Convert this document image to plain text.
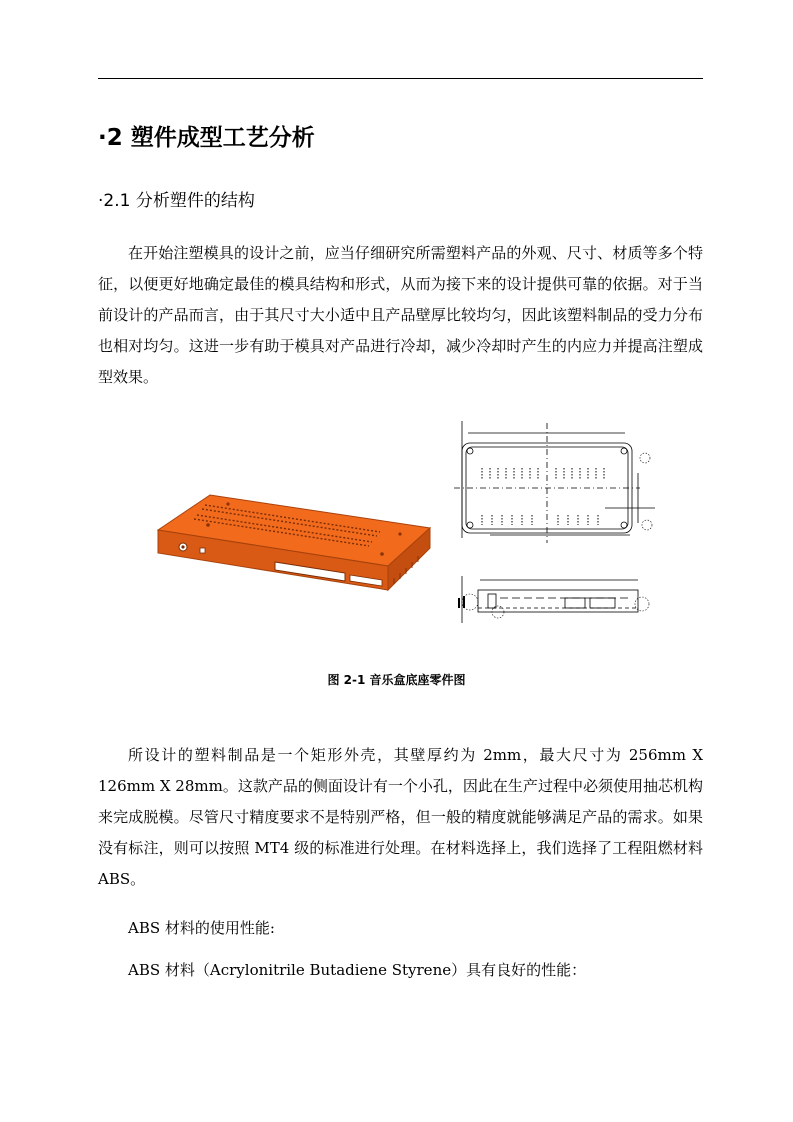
·2 塑件成型工艺分析
·2.1 分析塑件的结构

在开始注塑模具的设计之前，应当仔细研究所需塑料产品的外观、尺寸、材质等多个特征，以便更好地确定最佳的模具结构和形式，从而为接下来的设计提供可靠的依据。对于当前设计的产品而言，由于其尺寸大小适中且产品壁厚比较均匀，因此该塑料制品的受力分布也相对均匀。这进一步有助于模具对产品进行冷却，减少冷却时产生的内应力并提高注塑成型效果。

图 2-1 音乐盒底座零件图

所设计的塑料制品是一个矩形外壳，其壁厚约为 2mm，最大尺寸为 256mm X 126mm X 28mm。这款产品的侧面设计有一个小孔，因此在生产过程中必须使用抽芯机构来完成脱模。尽管尺寸精度要求不是特别严格，但一般的精度就能够满足产品的需求。如果没有标注，则可以按照 MT4 级的标准进行处理。在材料选择上，我们选择了工程阻燃材料 ABS。

ABS 材料的使用性能:

ABS 材料（Acrylonitrile Butadiene Styrene）具有良好的性能：
